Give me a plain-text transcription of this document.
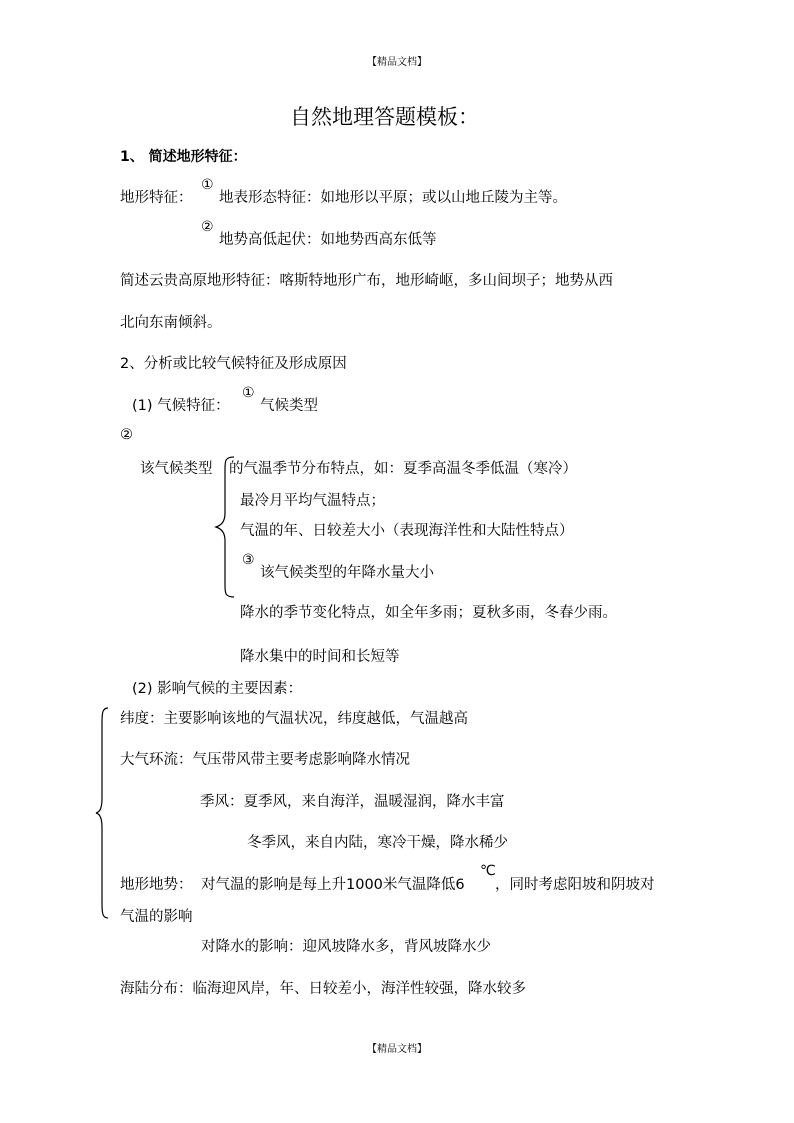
【精品文档】
自然地理答题模板：
1、 简述地形特征：
地形特征：
①
地表形态特征：如地形以平原；或以山地丘陵为主等。
②
地势高低起伏：如地势西高东低等
简述云贵高原地形特征：喀斯特地形广布，地形崎岖，多山间坝子；地势从西
北向东南倾斜。
2、分析或比较气候特征及形成原因
(1) 气候特征：
①
气候类型
②
该气候类型 的气温季节分布特点，如：夏季高温冬季低温（寒冷）
最冷月平均气温特点；
气温的年、日较差大小（表现海洋性和大陆性特点）
③
该气候类型的年降水量大小
降水的季节变化特点，如全年多雨；夏秋多雨，冬春少雨。
降水集中的时间和长短等
(2) 影响气候的主要因素：
纬度：主要影响该地的气温状况，纬度越低，气温越高
大气环流：气压带风带主要考虑影响降水情况
季风：夏季风，来自海洋，温暖湿润，降水丰富
冬季风，来自内陆，寒冷干燥，降水稀少
地形地势： 对气温的影响是每上升1000米气温降低6
℃
，同时考虑阳坡和阴坡对
气温的影响
对降水的影响：迎风坡降水多，背风坡降水少
海陆分布：临海迎风岸，年、日较差小，海洋性较强，降水较多
【精品文档】
